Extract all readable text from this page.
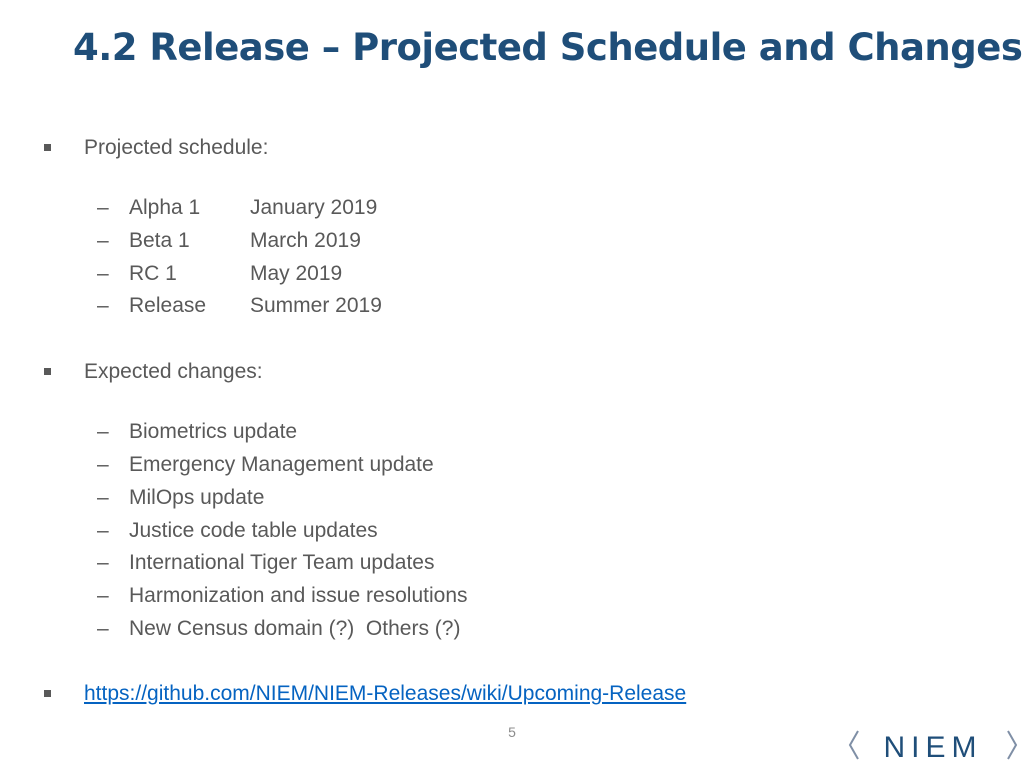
4.2 Release – Projected Schedule and Changes
Projected schedule:
– Alpha 1 January 2019
– Beta 1	March 2019
– RC 1	May 2019
– Release Summer 2019
Expected changes:
– Biometrics update
– Emergency Management update
– MilOps update
– Justice code table updates
– International Tiger Team updates
– Harmonization and issue resolutions
– New Census domain (?)  Others (?)
https://github.com/NIEM/NIEM-Releases/wiki/Upcoming-Release
5	NIEM
